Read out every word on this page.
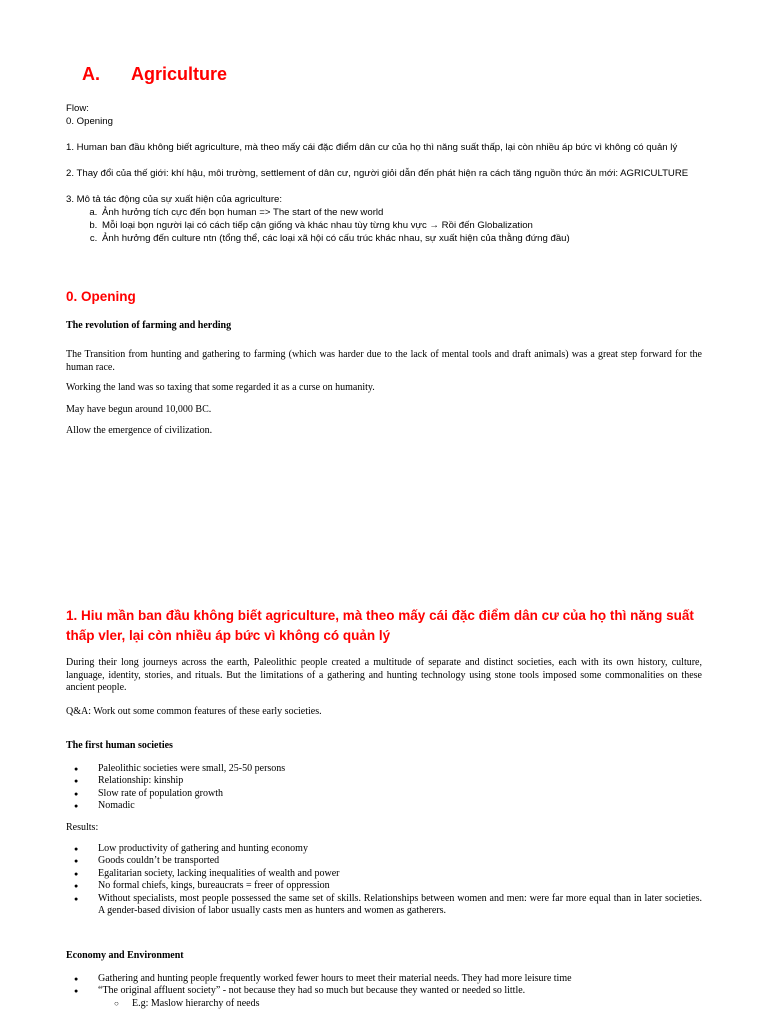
A. Agriculture

Flow:

0. Opening

1. Human ban đầu không biết agriculture, mà theo mấy cái đặc điểm dân cư của họ thì năng suất thấp, lại còn nhiều áp bức vì không có quản lý

2. Thay đổi của thế giới: khí hậu, môi trường, settlement of dân cư, người giỏi dẫn đến phát hiện ra cách tăng nguồn thức ăn mới: AGRICULTURE

3. Mô tả tác động của sự xuất hiện của agriculture:

a. Ảnh hưởng tích cực đến bọn human => The start of the new world
b. Mỗi loại bọn người lại có cách tiếp cận giống và khác nhau tùy từng khu vực → Rồi đến Globalization
c. Ảnh hưởng đến culture ntn (tổng thể, các loại xã hội có cấu trúc khác nhau, sự xuất hiện của thằng đứng đầu)
0. Opening

The revolution of farming and herding

The Transition from hunting and gathering to farming (which was harder due to the lack of mental tools and draft animals) was a great step forward for the human race.

Working the land was so taxing that some regarded it as a curse on humanity.

May have begun around 10,000 BC.

Allow the emergence of civilization.

1. Hiu mần ban đầu không biết agriculture, mà theo mấy cái đặc điểm dân cư của họ thì năng suất thấp vler, lại còn nhiều áp bức vì không có quản lý

During their long journeys across the earth, Paleolithic people created a multitude of separate and distinct societies, each with its own history, culture, language, identity, stories, and rituals. But the limitations of a gathering and hunting technology using stone tools imposed some commonalities on these ancient people.

Q&A: Work out some common features of these early societies.

The first human societies

● Paleolithic societies were small, 25-50 persons
● Relationship: kinship
● Slow rate of population growth
● Nomadic

Results:

● Low productivity of gathering and hunting economy
● Goods couldn’t be transported
● Egalitarian society, lacking inequalities of wealth and power
● No formal chiefs, kings, bureaucrats = freer of oppression
● Without specialists, most people possessed the same set of skills. Relationships between women and men: were far more equal than in later societies. A gender-based division of labor usually casts men as hunters and women as gatherers.

Economy and Environment

● Gathering and hunting people frequently worked fewer hours to meet their material needs. They had more leisure time
● “The original affluent society” - not because they had so much but because they wanted or needed so little.
○ E.g: Maslow hierarchy of needs
